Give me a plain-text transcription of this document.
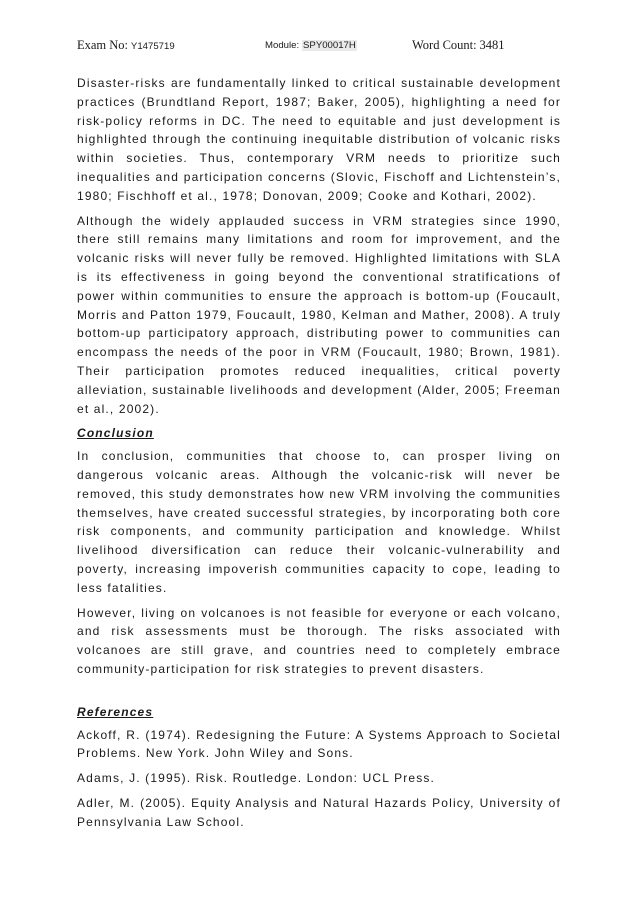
Exam No: Y1475719	Module: SPY00017H	Word Count: 3481

Disaster-risks are fundamentally linked to critical sustainable development practices (Brundtland Report, 1987; Baker, 2005), highlighting a need for risk-policy reforms in DC. The need to equitable and just development is highlighted through the continuing inequitable distribution of volcanic risks within societies. Thus, contemporary VRM needs to prioritize such inequalities and participation concerns (Slovic, Fischoff and Lichtenstein’s, 1980; Fischhoff et al., 1978; Donovan, 2009; Cooke and Kothari, 2002).

Although the widely applauded success in VRM strategies since 1990, there still remains many limitations and room for improvement, and the volcanic risks will never fully be removed. Highlighted limitations with SLA is its effectiveness in going beyond the conventional stratifications of power within communities to ensure the approach is bottom-up (Foucault, Morris and Patton 1979, Foucault, 1980, Kelman and Mather, 2008). A truly bottom-up participatory approach, distributing power to communities can encompass the needs of the poor in VRM (Foucault, 1980; Brown, 1981). Their participation promotes reduced inequalities, critical poverty alleviation, sustainable livelihoods and development (Alder, 2005; Freeman et al., 2002).

Conclusion

In conclusion, communities that choose to, can prosper living on dangerous volcanic areas. Although the volcanic-risk will never be removed, this study demonstrates how new VRM involving the communities themselves, have created successful strategies, by incorporating both core risk components, and community participation and knowledge. Whilst livelihood diversification can reduce their volcanic-vulnerability and poverty, increasing impoverish communities capacity to cope, leading to less fatalities.

However, living on volcanoes is not feasible for everyone or each volcano, and risk assessments must be thorough. The risks associated with volcanoes are still grave, and countries need to completely embrace community-participation for risk strategies to prevent disasters.

References

Ackoff, R. (1974). Redesigning the Future: A Systems Approach to Societal Problems. New York. John Wiley and Sons.

Adams, J. (1995). Risk. Routledge. London: UCL Press.

Adler, M. (2005). Equity Analysis and Natural Hazards Policy, University of Pennsylvania Law School.
